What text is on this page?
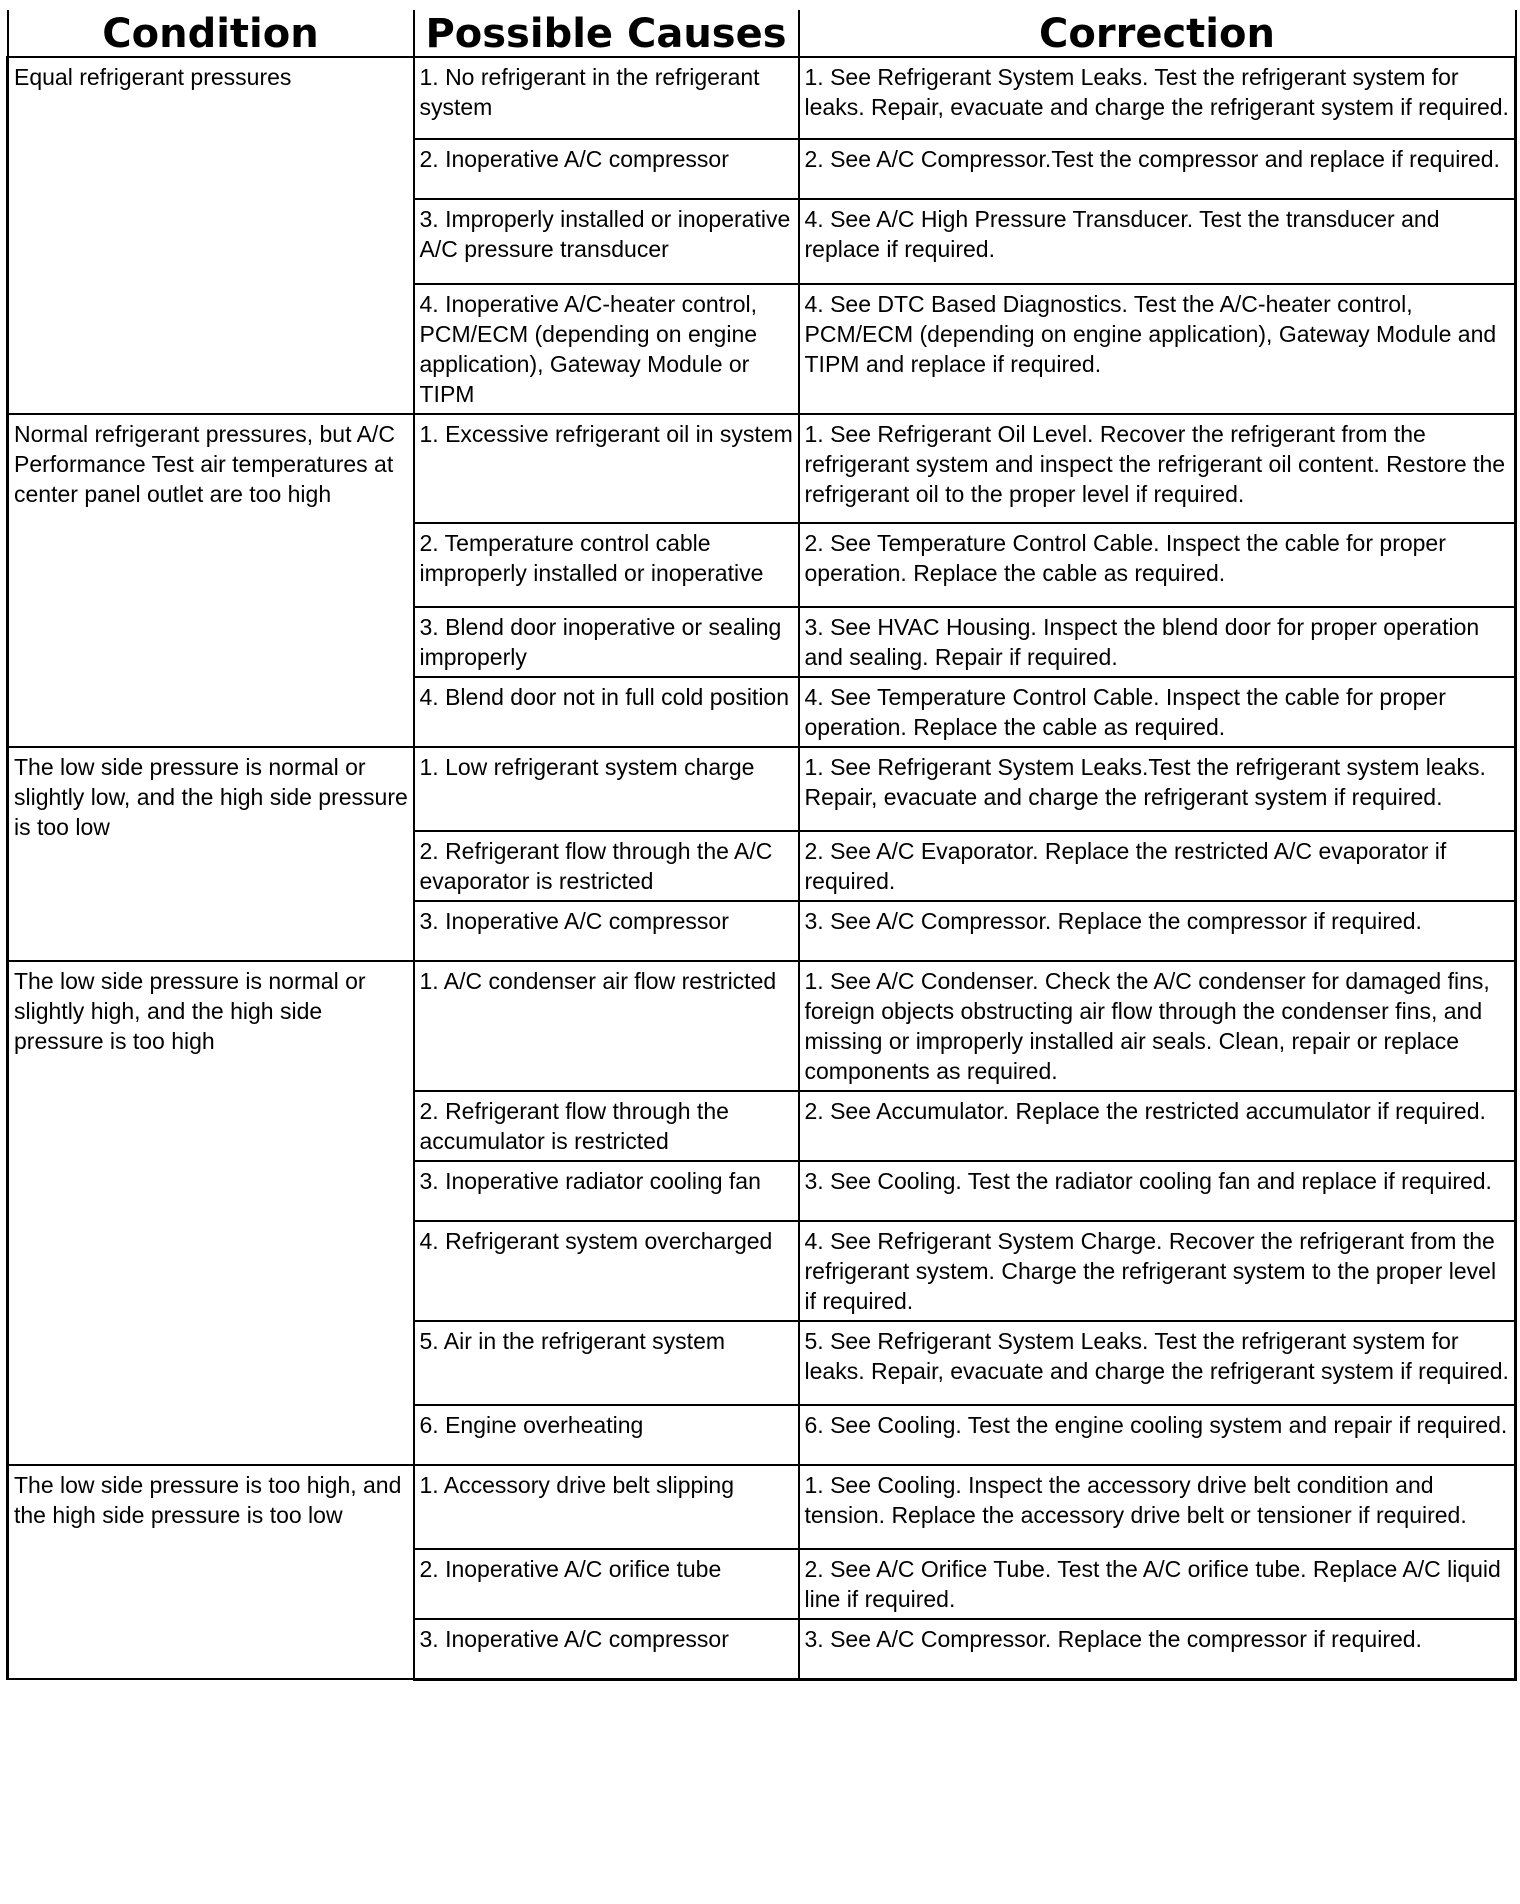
Condition	Possible Causes	Correction
Equal refrigerant pressures	1. No refrigerant in the refrigerant system	1. See Refrigerant System Leaks. Test the refrigerant system for leaks. Repair, evacuate and charge the refrigerant system if required.
	2. Inoperative A/C compressor	2. See A/C Compressor.Test the compressor and replace if required.
	3. Improperly installed or inoperative A/C pressure transducer	4. See A/C High Pressure Transducer. Test the transducer and replace if required.
	4. Inoperative A/C-heater control, PCM/ECM (depending on engine application), Gateway Module or TIPM	4. See DTC Based Diagnostics. Test the A/C-heater control, PCM/ECM (depending on engine application), Gateway Module and TIPM and replace if required.
Normal refrigerant pressures, but A/C Performance Test air temperatures at center panel outlet are too high	1. Excessive refrigerant oil in system	1. See Refrigerant Oil Level. Recover the refrigerant from the refrigerant system and inspect the refrigerant oil content. Restore the refrigerant oil to the proper level if required.
	2. Temperature control cable improperly installed or inoperative	2. See Temperature Control Cable. Inspect the cable for proper operation. Replace the cable as required.
	3. Blend door inoperative or sealing improperly	3. See HVAC Housing. Inspect the blend door for proper operation and sealing. Repair if required.
	4. Blend door not in full cold position	4. See Temperature Control Cable. Inspect the cable for proper operation. Replace the cable as required.
The low side pressure is normal or slightly low, and the high side pressure is too low	1. Low refrigerant system charge	1. See Refrigerant System Leaks.Test the refrigerant system leaks. Repair, evacuate and charge the refrigerant system if required.
	2. Refrigerant flow through the A/C evaporator is restricted	2. See A/C Evaporator. Replace the restricted A/C evaporator if required.
	3. Inoperative A/C compressor	3. See A/C Compressor. Replace the compressor if required.
The low side pressure is normal or slightly high, and the high side pressure is too high	1. A/C condenser air flow restricted	1. See A/C Condenser. Check the A/C condenser for damaged fins, foreign objects obstructing air flow through the condenser fins, and missing or improperly installed air seals. Clean, repair or replace components as required.
	2. Refrigerant flow through the accumulator is restricted	2. See Accumulator. Replace the restricted accumulator if required.
	3. Inoperative radiator cooling fan	3. See Cooling. Test the radiator cooling fan and replace if required.
	4. Refrigerant system overcharged	4. See Refrigerant System Charge. Recover the refrigerant from the refrigerant system. Charge the refrigerant system to the proper level if required.
	5. Air in the refrigerant system	5. See Refrigerant System Leaks. Test the refrigerant system for leaks. Repair, evacuate and charge the refrigerant system if required.
	6. Engine overheating	6. See Cooling. Test the engine cooling system and repair if required.
The low side pressure is too high, and the high side pressure is too low	1. Accessory drive belt slipping	1. See Cooling. Inspect the accessory drive belt condition and tension. Replace the accessory drive belt or tensioner if required.
	2. Inoperative A/C orifice tube	2. See A/C Orifice Tube. Test the A/C orifice tube. Replace A/C liquid line if required.
	3. Inoperative A/C compressor	3. See A/C Compressor. Replace the compressor if required.
